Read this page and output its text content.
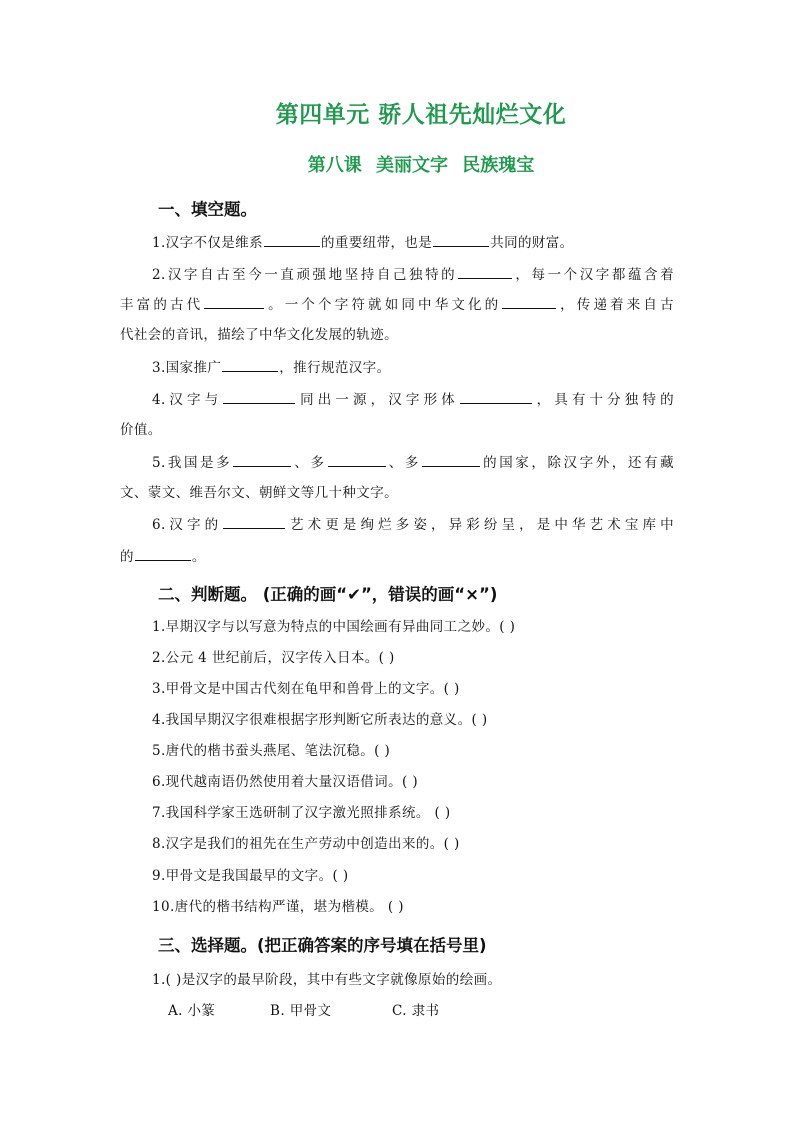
第四单元 骄人祖先灿烂文化
第八课 美丽文字 民族瑰宝
一、填空题。
1.汉字不仅是维系	的重要纽带，也是	共同的财富。
2.汉字自古至今一直顽强地坚持自己独特的	，每一个汉字都蕴含着
丰富的古代	。一个个字符就如同中华文化的	，传递着来自古
代社会的音讯，描绘了中华文化发展的轨迹。
3.国家推广	，推行规范汉字。
4.汉字与	同出一源，汉字形体	，具有十分独特的
价值。
5.我国是多	、多	、多	的国家，除汉字外，还有藏
文、蒙文、维吾尔文、朝鲜文等几十种文字。
6.汉字的	艺术更是绚烂多姿，异彩纷呈，是中华艺术宝库中
的	。
二、判断题。 (正确的画“✔”，错误的画“×”)
1.早期汉字与以写意为特点的中国绘画有异曲同工之妙。( )
2.公元 4 世纪前后，汉字传入日本。( )
3.甲骨文是中国古代刻在龟甲和兽骨上的文字。( )
4.我国早期汉字很难根据字形判断它所表达的意义。( )
5.唐代的楷书蚕头燕尾、笔法沉稳。( )
6.现代越南语仍然使用着大量汉语借词。( )
7.我国科学家王选研制了汉字激光照排系统。 ( )
8.汉字是我们的祖先在生产劳动中创造出来的。( )
9.甲骨文是我国最早的文字。( )
10.唐代的楷书结构严谨，堪为楷模。 ( )
三、选择题。(把正确答案的序号填在括号里)
1.( )是汉字的最早阶段，其中有些文字就像原始的绘画。
A. 小篆	B. 甲骨文	C. 隶书
